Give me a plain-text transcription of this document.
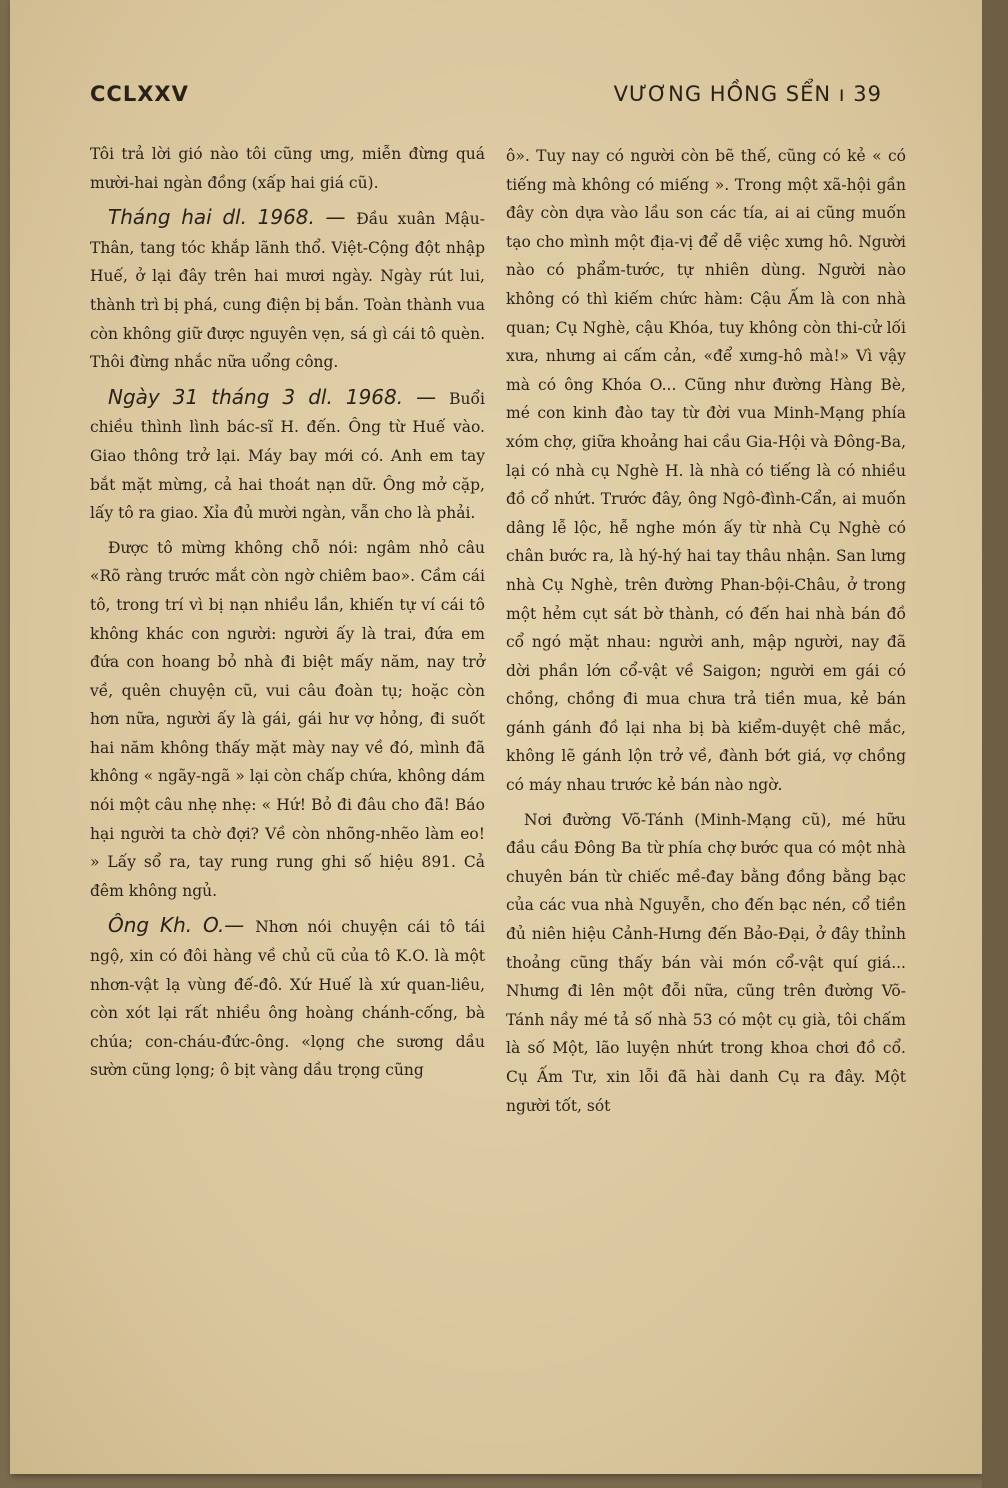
CCLXXV	VƯƠNG HỒNG SỂN ı 39

Tôi trả lời gió nào tôi cũng ưng, miễn đừng quá mười-hai ngàn đồng (xấp hai giá cũ).

Tháng hai dl. 1968. — Đầu xuân Mậu-Thân, tang tóc khắp lãnh thổ. Việt-Cộng đột nhập Huế, ở lại đây trên hai mươi ngày. Ngày rút lui, thành trì bị phá, cung điện bị bắn. Toàn thành vua còn không giữ được nguyên vẹn, sá gì cái tô quèn. Thôi đừng nhắc nữa uổng công.

Ngày 31 tháng 3 dl. 1968. — Buổi chiều thình lình bác-sĩ H. đến. Ông từ Huế vào. Giao thông trở lại. Máy bay mới có. Anh em tay bắt mặt mừng, cả hai thoát nạn dữ. Ông mở cặp, lấy tô ra giao. Xỉa đủ mười ngàn, vẫn cho là phải.

Được tô mừng không chỗ nói: ngâm nhỏ câu «Rõ ràng trước mắt còn ngờ chiêm bao». Cầm cái tô, trong trí vì bị nạn nhiều lần, khiến tự ví cái tô không khác con người: người ấy là trai, đứa em đứa con hoang bỏ nhà đi biệt mấy năm, nay trở về, quên chuyện cũ, vui câu đoàn tụ; hoặc còn hơn nữa, người ấy là gái, gái hư vợ hỏng, đi suốt hai năm không thấy mặt mày nay về đó, mình đã không « ngãy-ngã » lại còn chấp chứa, không dám nói một câu nhẹ nhẹ: « Hứ! Bỏ đi đâu cho đã! Báo hại người ta chờ đợi? Về còn nhõng-nhẽo làm eo! » Lấy sổ ra, tay rung rung ghi số hiệu 891. Cả đêm không ngủ.

Ông Kh. O.— Nhơn nói chuyện cái tô tái ngộ, xin có đôi hàng về chủ cũ của tô K.O. là một nhơn-vật lạ vùng đế-đô. Xứ Huế là xứ quan-liêu, còn xót lại rất nhiều ông hoàng chánh-cống, bà chúa; con-cháu-đức-ông. «lọng che sương dầu sườn cũng lọng; ô bịt vàng dầu trọng cũng

ô». Tuy nay có người còn bẽ thế, cũng có kẻ « có tiếng mà không có miếng ». Trong một xã-hội gần đây còn dựa vào lầu son các tía, ai ai cũng muốn tạo cho mình một địa-vị để dễ việc xưng hô. Người nào có phẩm-tước, tự nhiên dùng. Người nào không có thì kiếm chức hàm: Cậu Ấm là con nhà quan; Cụ Nghè, cậu Khóa, tuy không còn thi-cử lối xưa, nhưng ai cấm cản, «để xưng-hô mà!» Vì vậy mà có ông Khóa O... Cũng như đường Hàng Bè, mé con kinh đào tay từ đời vua Minh-Mạng phía xóm chợ, giữa khoảng hai cầu Gia-Hội và Đông-Ba, lại có nhà cụ Nghè H. là nhà có tiếng là có nhiều đồ cổ nhứt. Trước đây, ông Ngô-đình-Cẩn, ai muốn dâng lễ lộc, hễ nghe món ấy từ nhà Cụ Nghè có chân bước ra, là hý-hý hai tay thâu nhận. San lưng nhà Cụ Nghè, trên đường Phan-bội-Châu, ở trong một hẻm cụt sát bờ thành, có đến hai nhà bán đồ cổ ngó mặt nhau: người anh, mập người, nay đã dời phần lớn cổ-vật về Saigon; người em gái có chồng, chồng đi mua chưa trả tiền mua, kẻ bán gánh gánh đồ lại nha bị bà kiểm-duyệt chê mắc, không lẽ gánh lộn trở về, đành bớt giá, vợ chồng có máy nhau trước kẻ bán nào ngờ.

Nơi đường Võ-Tánh (Minh-Mạng cũ), mé hữu đầu cầu Đông Ba từ phía chợ bước qua có một nhà chuyên bán từ chiếc mề-đay bằng đồng bằng bạc của các vua nhà Nguyễn, cho đến bạc nén, cổ tiền đủ niên hiệu Cảnh-Hưng đến Bảo-Đại, ở đây thỉnh thoảng cũng thấy bán vài món cổ-vật quí giá... Nhưng đi lên một đỗi nữa, cũng trên đường Võ-Tánh nầy mé tả số nhà 53 có một cụ già, tôi chấm là số Một, lão luyện nhứt trong khoa chơi đồ cổ. Cụ Ấm Tư, xin lỗi đã hài danh Cụ ra đây. Một người tốt, sót
